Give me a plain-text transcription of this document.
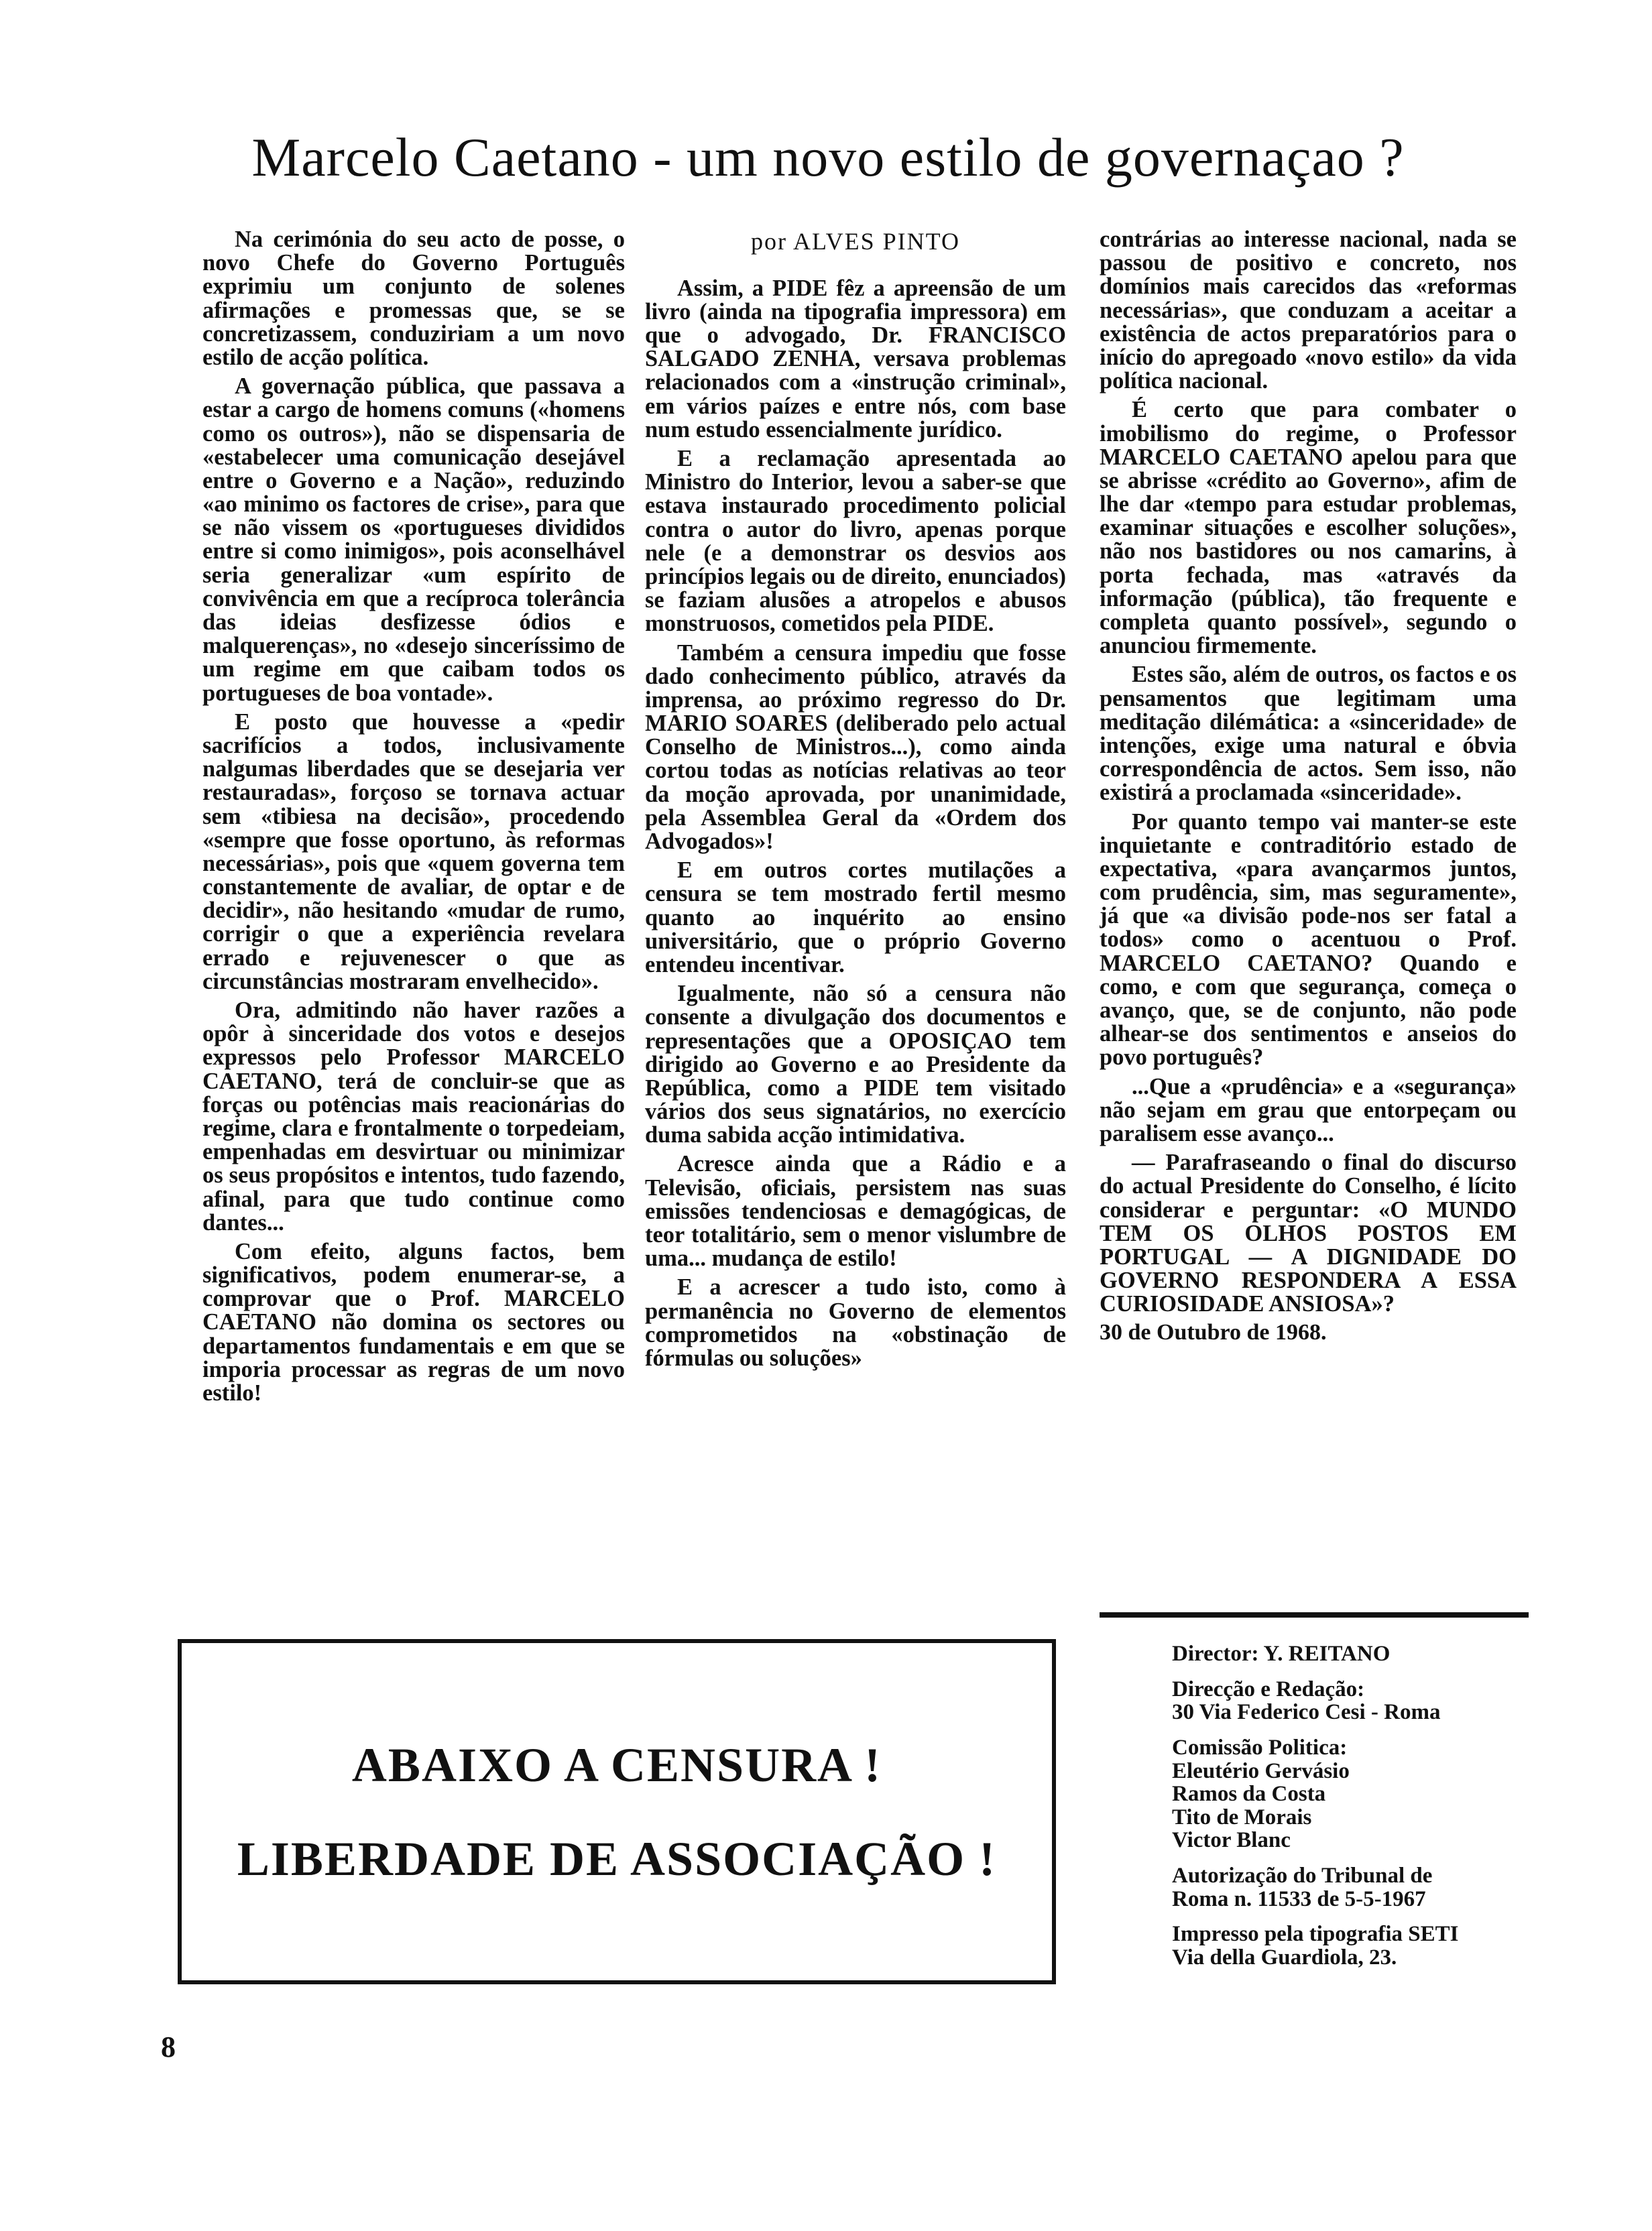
Marcelo Caetano - um novo estilo de governaçao ?

Na cerimónia do seu acto de posse, o novo Chefe do Governo Português exprimiu um conjunto de solenes afirmações e promessas que, se se concretizassem, conduziriam a um novo estilo de acção política.

A governação pública, que passava a estar a cargo de homens comuns («homens como os outros»), não se dispensaria de «estabelecer uma comunicação desejável entre o Governo e a Nação», reduzindo «ao minimo os factores de crise», para que se não vissem os «portugueses divididos entre si como inimigos», pois aconselhável seria generalizar «um espírito de convivência em que a recíproca tolerância das ideias desfizesse ódios e malquerenças», no «desejo sinceríssimo de um regime em que caibam todos os portugueses de boa vontade».

E posto que houvesse a «pedir sacrifícios a todos, inclusivamente nalgumas liberdades que se desejaria ver restauradas», forçoso se tornava actuar sem «tibiesa na decisão», procedendo «sempre que fosse oportuno, às reformas necessárias», pois que «quem governa tem constantemente de avaliar, de optar e de decidir», não hesitando «mudar de rumo, corrigir o que a experiência revelara errado e rejuvenescer o que as circunstâncias mostraram envelhecido».

Ora, admitindo não haver razões a opôr à sinceridade dos votos e desejos expressos pelo Professor MARCELO CAETANO, terá de concluir-se que as forças ou potências mais reacionárias do regime, clara e frontalmente o torpedeiam, empenhadas em desvirtuar ou minimizar os seus propósitos e intentos, tudo fazendo, afinal, para que tudo continue como dantes...

Com efeito, alguns factos, bem significativos, podem enumerar-se, a comprovar que o Prof. MARCELO CAETANO não domina os sectores ou departamentos fundamentais e em que se imporia processar as regras de um novo estilo!

por ALVES PINTO

Assim, a PIDE fêz a apreensão de um livro (ainda na tipografia impressora) em que o advogado, Dr. FRANCISCO SALGADO ZENHA, versava problemas relacionados com a «instrução criminal», em vários paízes e entre nós, com base num estudo essencialmente jurídico.

E a reclamação apresentada ao Ministro do Interior, levou a saber-se que estava instaurado procedimento policial contra o autor do livro, apenas porque nele (e a demonstrar os desvios aos princípios legais ou de direito, enunciados) se faziam alusões a atropelos e abusos monstruosos, cometidos pela PIDE.

Também a censura impediu que fosse dado conhecimento público, através da imprensa, ao próximo regresso do Dr. MARIO SOARES (deliberado pelo actual Conselho de Ministros...), como ainda cortou todas as notícias relativas ao teor da moção aprovada, por unanimidade, pela Assemblea Geral da «Ordem dos Advogados»!

E em outros cortes mutilações a censura se tem mostrado fertil mesmo quanto ao inquérito ao ensino universitário, que o próprio Governo entendeu incentivar.

Igualmente, não só a censura não consente a divulgação dos documentos e representações que a OPOSIÇAO tem dirigido ao Governo e ao Presidente da República, como a PIDE tem visitado vários dos seus signatários, no exercício duma sabida acção intimidativa.

Acresce ainda que a Rádio e a Televisão, oficiais, persistem nas suas emissões tendenciosas e demagógicas, de teor totalitário, sem o menor vislumbre de uma... mudança de estilo!

E a acrescer a tudo isto, como à permanência no Governo de elementos comprometidos na «obstinação de fórmulas ou soluções»

contrárias ao interesse nacional, nada se passou de positivo e concreto, nos domínios mais carecidos das «reformas necessárias», que conduzam a aceitar a existência de actos preparatórios para o início do apregoado «novo estilo» da vida política nacional.

É certo que para combater o imobilismo do regime, o Professor MARCELO CAETANO apelou para que se abrisse «crédito ao Governo», afim de lhe dar «tempo para estudar problemas, examinar situações e escolher soluções», não nos bastidores ou nos camarins, à porta fechada, mas «através da informação (pública), tão frequente e completa quanto possível», segundo o anunciou firmemente.

Estes são, além de outros, os factos e os pensamentos que legitimam uma meditação dilémática: a «sinceridade» de intenções, exige uma natural e óbvia correspondência de actos. Sem isso, não existirá a proclamada «sinceridade».

Por quanto tempo vai manter-se este inquietante e contraditório estado de expectativa, «para avançarmos juntos, com prudência, sim, mas seguramente», já que «a divisão pode-nos ser fatal a todos» como o acentuou o Prof. MARCELO CAETANO? Quando e como, e com que segurança, começa o avanço, que, se de conjunto, não pode alhear-se dos sentimentos e anseios do povo português?

...Que a «prudência» e a «segurança» não sejam em grau que entorpeçam ou paralisem esse avanço...

— Parafraseando o final do discurso do actual Presidente do Conselho, é lícito considerar e perguntar: «O MUNDO TEM OS OLHOS POSTOS EM PORTUGAL — A DIGNIDADE DO GOVERNO RESPONDERA A ESSA CURIOSIDADE ANSIOSA»?

30 de Outubro de 1968.

ABAIXO A CENSURA !
LIBERDADE DE ASSOCIAÇÃO !
Director: Y. REITANO
Direcção e Redação:
30 Via Federico Cesi - Roma
Comissão Politica:
Eleutério Gervásio
Ramos da Costa
Tito de Morais
Victor Blanc
Autorização do Tribunal de
Roma n. 11533 de 5-5-1967
Impresso pela tipografia SETI
Via della Guardiola, 23.
8
